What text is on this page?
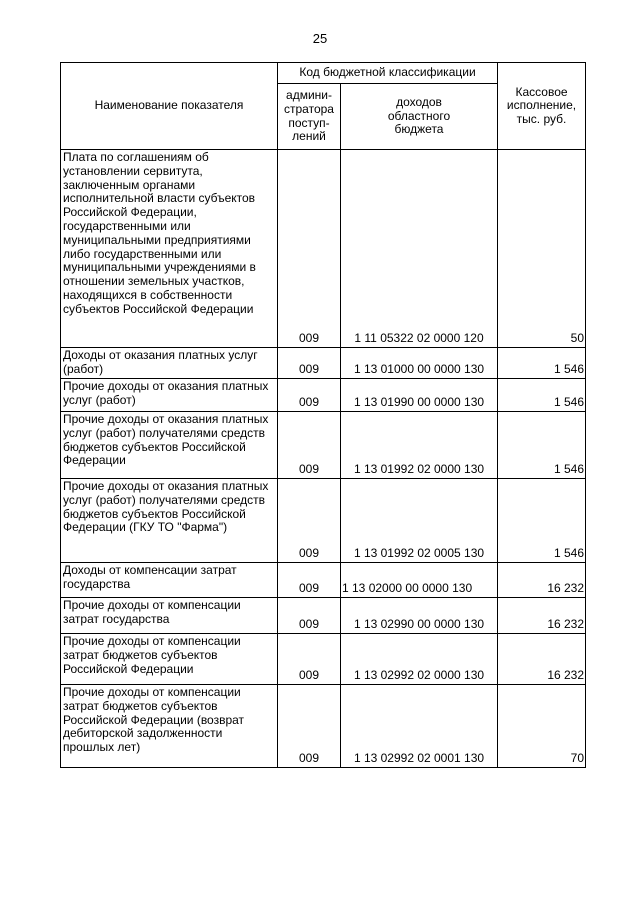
25
Наименование показателя	Код бюджетной классификации		Кассовое
исполнение,
тыс. руб.
	админи-
стратора
поступ-
лений	доходов
областного
бюджета	
Плата по соглашениям об установлении сервитута, заключенным органами исполнительной власти субъектов Российской Федерации, государственными или муниципальными предприятиями либо государственными или муниципальными учреждениями в отношении земельных участков, находящихся в собственности субъектов Российской Федерации	009	1 11 05322 02 0000 120	50
Доходы от оказания платных услуг (работ)	009	1 13 01000 00 0000 130	1 546
Прочие доходы от оказания платных услуг (работ)	009	1 13 01990 00 0000 130	1 546
Прочие доходы от оказания платных услуг (работ) получателями средств бюджетов субъектов Российской Федерации	009	1 13 01992 02 0000 130	1 546
Прочие доходы от оказания платных услуг (работ) получателями средств бюджетов субъектов Российской Федерации (ГКУ ТО "Фарма")	009	1 13 01992 02 0005 130	1 546
Доходы от компенсации затрат государства	009	1 13 02000 00 0000 130	16 232
Прочие доходы от компенсации затрат государства	009	1 13 02990 00 0000 130	16 232
Прочие доходы от компенсации затрат бюджетов субъектов Российской Федерации	009	1 13 02992 02 0000 130	16 232
Прочие доходы от компенсации затрат бюджетов субъектов Российской Федерации (возврат дебиторской задолженности прошлых лет)	009	1 13 02992 02 0001 130	70
